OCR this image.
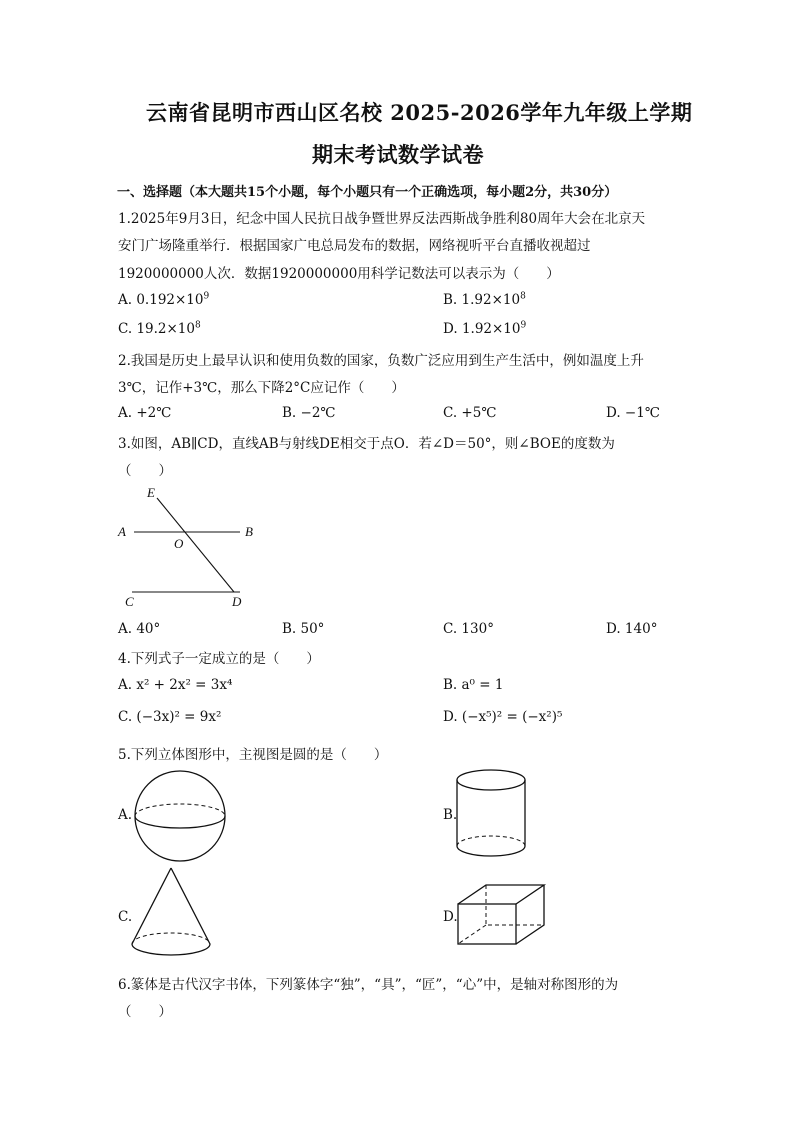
云南省昆明市西山区名校 2025-2026学年九年级上学期
期末考试数学试卷
一、选择题（本大题共15个小题，每个小题只有一个正确选项，每小题2分，共30分）
1.2025年9月3日，纪念中国人民抗日战争暨世界反法西斯战争胜利80周年大会在北京天
安门广场隆重举行．根据国家广电总局发布的数据，网络视听平台直播收视超过
1920000000人次．数据1920000000用科学记数法可以表示为（　　）
A. $0.192\times 10^9$	B. $1.92\times 10^8$
C. $19.2\times 10^8$	D. $1.92\times 10^9$
2.我国是历史上最早认识和使用负数的国家，负数广泛应用到生产生活中，例如温度上升
3℃，记作+3℃，那么下降2°C应记作（　　）
A. +2℃	B. −2℃	C. +5℃	D. −1℃
3.如图，AB∥CD，直线AB与射线DE相交于点O．若∠D＝50°，则∠BOE的度数为
（　　）
E
A	B
O
C	D
A. 40°	B. 50°	C. 130°	D. 140°
4.下列式子一定成立的是（　　）
A. x² + 2x² = 3x⁴	B. a⁰ = 1
C. (−3x)² = 9x²	D. (−x⁵)² = (−x²)⁵
5.下列立体图形中，主视图是圆的是（　　）
A.	B.
C.	D.
6.篆体是古代汉字书体，下列篆体字“独”，“具”，“匠”，“心”中，是轴对称图形的为
（　　）
